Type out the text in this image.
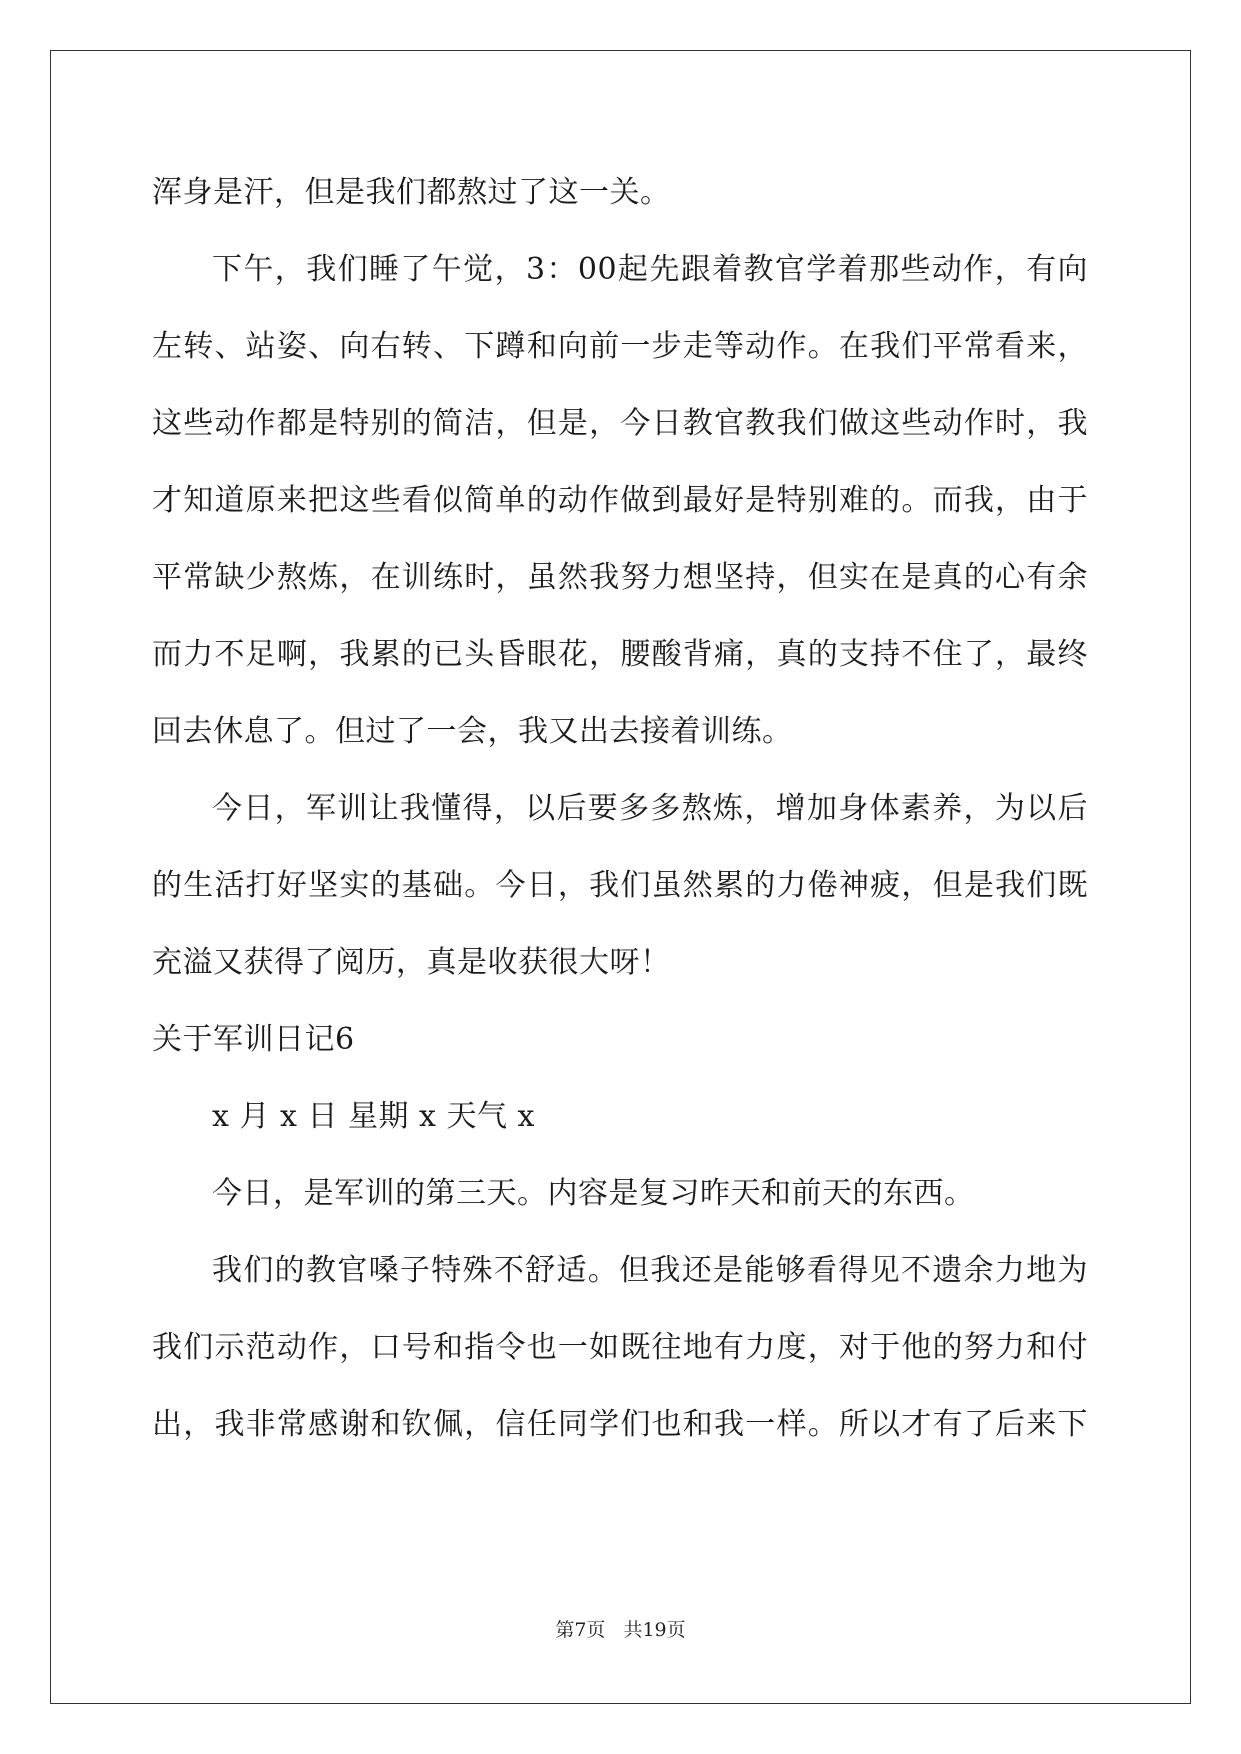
浑身是汗，但是我们都熬过了这一关。
下午，我们睡了午觉，3：00起先跟着教官学着那些动作，有向
左转、站姿、向右转、下蹲和向前一步走等动作。在我们平常看来，
这些动作都是特别的简洁，但是，今日教官教我们做这些动作时，我
才知道原来把这些看似简单的动作做到最好是特别难的。而我，由于
平常缺少熬炼，在训练时，虽然我努力想坚持，但实在是真的心有余
而力不足啊，我累的已头昏眼花，腰酸背痛，真的支持不住了，最终
回去休息了。但过了一会，我又出去接着训练。
今日，军训让我懂得，以后要多多熬炼，增加身体素养，为以后
的生活打好坚实的基础。今日，我们虽然累的力倦神疲，但是我们既
充溢又获得了阅历，真是收获很大呀！
关于军训日记6
x 月 x 日 星期 x 天气 x
今日，是军训的第三天。内容是复习昨天和前天的东西。
我们的教官嗓子特殊不舒适。但我还是能够看得见不遗余力地为
我们示范动作，口号和指令也一如既往地有力度，对于他的努力和付
出，我非常感谢和钦佩，信任同学们也和我一样。所以才有了后来下
第7页 共19页
